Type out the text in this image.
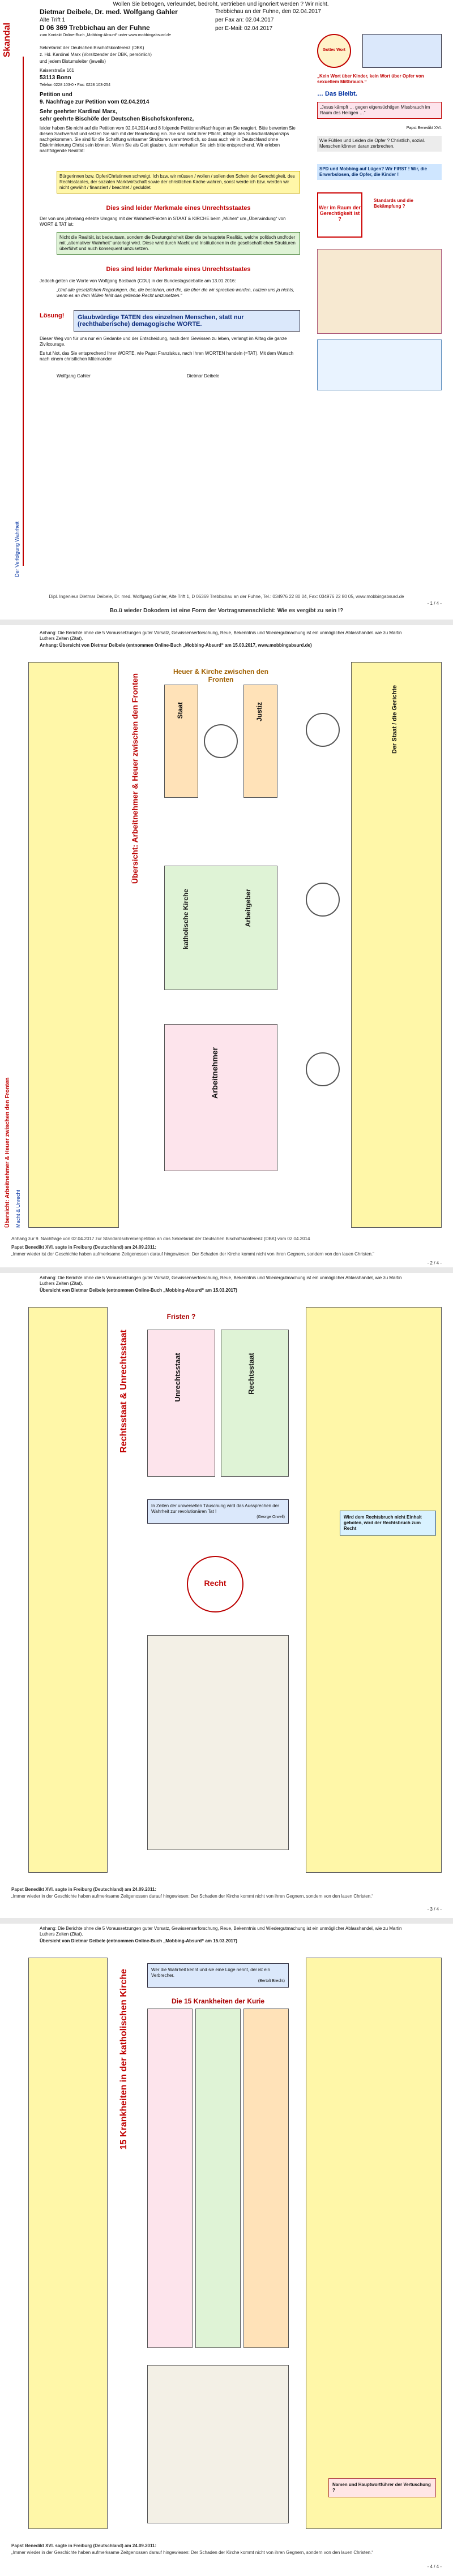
Wollen Sie betrogen, verleumdet, bedroht, vertrieben und ignoriert werden ? Wir nicht.
Dietmar Deibele, Dr. med. Wolfgang Gahler
Alte Trift 1
D 06 369 Trebbichau an der Fuhne
zum Kontakt Online-Buch „Mobbing-Absurd“ unter www.mobbingabsurd.de
Trebbichau an der Fuhne, den 02.04.2017
per Fax an: 02.04.2017
per E-Mail: 02.04.2017
Skandal
Der Verfolgung Wahrheit
Sekretariat der Deutschen Bischofskonferenz (DBK)
z. Hd. Kardinal Marx (Vorsitzender der DBK, persönlich)
und jedem Bistumsleiter (jeweils)
Kaiserstraße 161
53113 Bonn
Telefon 0228 103-0 • Fax: 0228 103-254
Gottes Wort
Petition und
9. Nachfrage zur Petition vom 02.04.2014
Sehr geehrter Kardinal Marx,
sehr geehrte Bischöfe der Deutschen Bischofskonferenz,
leider haben Sie nicht auf die Petition vom 02.04.2014 und 8 folgende Petitionen/Nachfragen an Sie reagiert. Bitte bewerten Sie diesen Sachverhalt und setzen Sie sich mit der Bearbeitung ein. Sie sind nicht Ihrer Pflicht, infolge des Subsidiaritätsprinzips nachgekommen. Sie sind für die Schaffung wirksamer Strukturen verantwortlich, so dass auch wir in Deutschland ohne Diskriminierung Christ sein können. Wenn Sie als Gott glauben, dann verhalten Sie sich bitte entsprechend. Wir erleben nachfolgende Realität:
Bürgerinnen bzw. Opfer/Christinnen schweigt. Ich bzw. wir müssen / wollen / sollen den Schein der Gerechtigkeit, des Rechtsstaates, der sozialen Marktwirtschaft sowie der christlichen Kirche wahren, sonst werde ich bzw. werden wir nicht gewählt / finanziert / beachtet / geduldet.
Dies sind leider Merkmale eines Unrechtsstaates
Der von uns jahrelang erlebte Umgang mit der Wahrheit/Fakten in STAAT & KIRCHE beim „Mühen“ um „Überwindung“ von WORT & TAT ist:
Nicht die Realität, ist bedeutsam, sondern die Deutungshoheit über die behauptete Realität, welche politisch und/oder mit „alternativer Wahrheit“ unterlegt wird. Diese wird durch Macht und Institutionen in die gesellschaftlichen Strukturen überführt und auch konsequent umzusetzen.
Dies sind leider Merkmale eines Unrechtsstaates
Jedoch gelten die Worte von Wolfgang Bosbach (CDU) in der Bundestagsdebatte am 13.01.2016:
„Und alle gesetzlichen Regelungen, die, die bestehen, und die, die über die wir sprechen werden, nutzen uns ja nichts, wenn es an dem Willen fehlt das geltende Recht umzusetzen.“
Lösung!	Glaubwürdige TATEN des einzelnen Menschen, statt nur (rechthaberische) demagogische WORTE.
Dieser Weg von für uns nur ein Gedanke und der Entscheidung, nach dem Gewissen zu leben, verlangt im Alltag die ganze Zivilcourage.
Es tut Not, das Sie entsprechend Ihrer WORTE, wie Papst Franziskus, nach Ihren WORTEN handeln (=TAT). Mit dem Wunsch nach einem christlichen Miteinander
Wolfgang Gahler	Dietmar Deibele
„Kein Wort über Kinder, kein Wort über Opfer von sexuellem Mißbrauch.“
… Das Bleibt.
„Jesus kämpft … gegen eigensüchtigen Missbrauch im Raum des Heiligen …“
Papst Benedikt XVI.
Wie Fühlen und Leiden die Opfer ? Christlich, sozial. Menschen können daran zerbrechen.
SPD und Mobbing auf Lügen? Wir FIRST ! Wir, die Erwerbslosen, die Opfer, die Kinder !
Wer im Raum der Gerechtigkeit ist ?
Standards und die Bekämpfung ?
Dipl. Ingenieur Dietmar Deibele, Dr. med. Wolfgang Gahler, Alte Trift 1, D 06369 Trebbichau an der Fuhne, Tel.: 034976 22 80 04, Fax: 034976 22 80 05, www.mobbingabsurd.de
- 1 / 4 -
Bo.ü wieder Dokodem ist eine Form der Vortragsmenschlicht: Wie es vergibt zu sein !?
Anhang: Die Berichte ohne die 5 Voraussetzungen guter Vorsatz, Gewissenserforschung, Reue, Bekenntnis und Wiedergutmachung ist ein unmöglicher Ablasshandel. wie zu Martin Luthers Zeiten (Zitat).
Anhang: Übersicht von Dietmar Deibele (entnommen Online-Buch „Mobbing-Absurd“ am 15.03.2017, www.mobbingabsurd.de)
Übersicht: Arbeitnehmer & Heuer zwischen den Fronten Macht & Unrecht
Übersicht: Arbeitnehmer & Heuer zwischen den Fronten
Heuer & Kirche zwischen den Fronten
Staat	Justiz
katholische Kirche	Arbeitgeber
Arbeitnehmer
Der Staat / die Gerichte
Anhang zur 9. Nachfrage von 02.04.2017 zur Standardschreibenpetition an das Sekretariat der Deutschen Bischofskonferenz (DBK) vom 02.04.2014
Papst Benedikt XVI. sagte in Freiburg (Deutschland) am 24.09.2011:
„Immer wieder ist der Geschichte haben aufmerksame Zeitgenossen darauf hingewiesen: Der Schaden der Kirche kommt nicht von ihren Gegnern, sondern von den lauen Christen.“
- 2 / 4 -
Anhang: Die Berichte ohne die 5 Voraussetzungen guter Vorsatz, Gewissenserforschung, Reue, Bekenntnis und Wiedergutmachung ist ein unmöglicher Ablasshandel, wie zu Martin Luthers Zeiten (Zitat).
Übersicht von Dietmar Deibele (entnommen Online-Buch „Mobbing-Absurd“ am 15.03.2017)
Rechtsstaat & Unrechtsstaat
Fristen ?
Unrechtsstaat	Rechtsstaat
In Zeiten der universellen Täuschung wird das Aussprechen der Wahrheit zur revolutionären Tat !
(George Orwell)
Recht
Wird dem Rechtsbruch nicht Einhalt geboten, wird der Rechtsbruch zum Recht
Papst Benedikt XVI. sagte in Freiburg (Deutschland) am 24.09.2011:
„Immer wieder in der Geschichte haben aufmerksame Zeitgenossen darauf hingewiesen: Der Schaden der Kirche kommt nicht von ihren Gegnern, sondern von den lauen Christen.“
- 3 / 4 -
Anhang: Die Berichte ohne die 5 Voraussetzungen guter Vorsatz, Gewissenserforschung, Reue, Bekenntnis und Wiedergutmachung ist ein unmöglicher Ablasshandel, wie zu Martin Luthers Zeiten (Zitat).
Übersicht von Dietmar Deibele (entnommen Online-Buch „Mobbing-Absurd“ am 15.03.2017)
15 Krankheiten in der katholischen Kirche	Wer die Wahrheit kennt und sie eine Lüge nennt, der ist ein Verbrecher.
(Bertolt Brecht)
Die 15 Krankheiten der Kurie
Namen und Hauptwortführer der Vertuschung ?
Papst Benedikt XVI. sagte in Freiburg (Deutschland) am 24.09.2011:
„Immer wieder in der Geschichte haben aufmerksame Zeitgenossen darauf hingewiesen: Der Schaden der Kirche kommt nicht von ihren Gegnern, sondern von den lauen Christen.“
- 4 / 4 -
